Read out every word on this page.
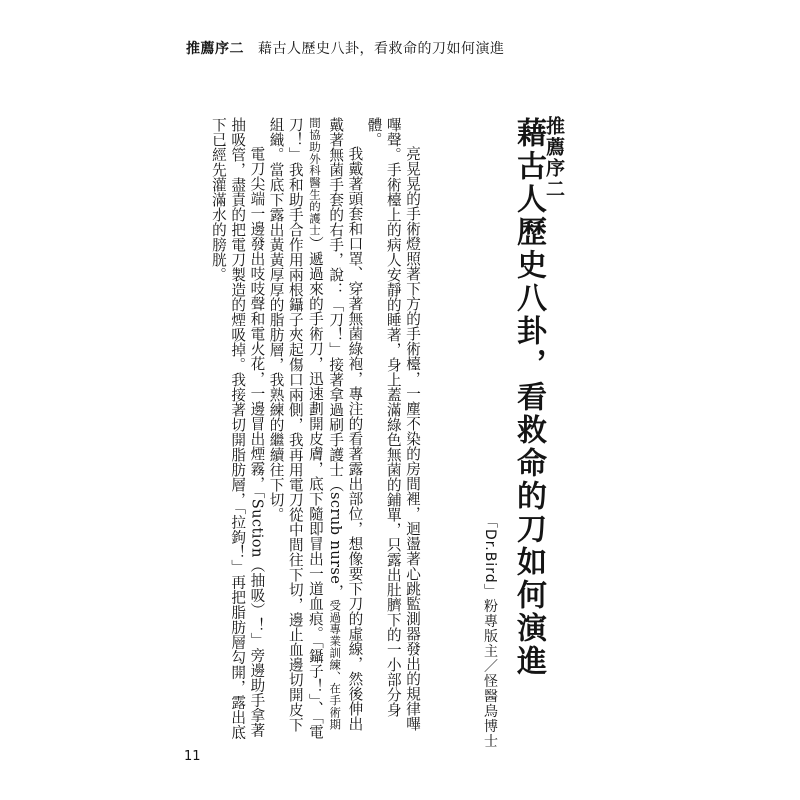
推薦序二 藉古人歷史八卦，看救命的刀如何演進
推薦序二
藉古人歷史八卦，看救命的刀如何演進
「Dr.Bird」粉專版主／怪醫鳥博士

亮晃晃的手術燈照著下方的手術檯，一塵不染的房間裡，迴盪著心跳監測器發出的規律嗶嗶聲。手術檯上的病人安靜的睡著，身上蓋滿綠色無菌的鋪單，只露出肚臍下的一小部分身體。

我戴著頭套和口罩、穿著無菌綠袍，專注的看著露出部位，想像要下刀的虛線，然後伸出戴著無菌手套的右手，說：「刀！」接著拿過刷手護士（scrub nurse，受過專業訓練、在手術期間協助外科醫生的護士）遞過來的手術刀，迅速劃開皮膚，底下隨即冒出一道血痕。「鑷子！」、「電刀！」我和助手合作用兩根鑷子夾起傷口兩側，我再用電刀從中間往下切，邊止血邊切開皮下組織。當底下露出黃黃厚厚的脂肪層，我熟練的繼續往下切。

電刀尖端一邊發出吱吱聲和電火花，一邊冒出煙霧，「Suction（抽吸）！」旁邊助手拿著抽吸管，盡責的把電刀製造的煙吸掉。我接著切開脂肪層，「拉鉤！」再把脂肪層勾開，露出底下已經先灌滿水的膀胱。

11
